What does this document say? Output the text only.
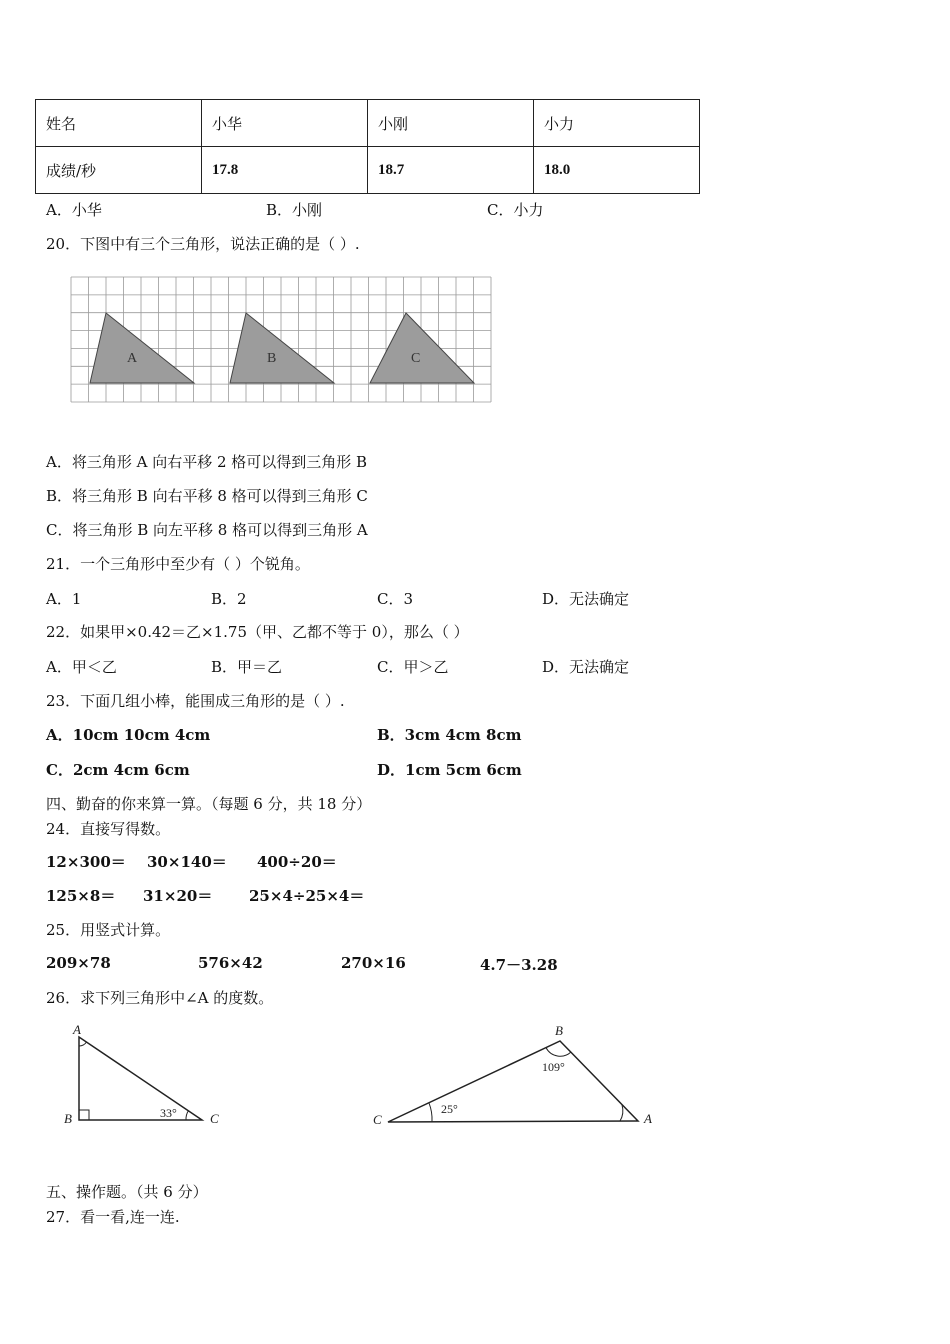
姓名	小华	小刚	小力
成绩/秒	17.8	18.7	18.0
A．小华	B．小刚	C．小力
20．下图中有三个三角形，说法正确的是（ ）.
A	B	C
A．将三角形 A 向右平移 2 格可以得到三角形 B
B．将三角形 B 向右平移 8 格可以得到三角形 C
C．将三角形 B 向左平移 8 格可以得到三角形 A
21．一个三角形中至少有（ ）个锐角。
A．1	B．2	C．3	D．无法确定
22．如果甲×0.42＝乙×1.75（甲、乙都不等于 0），那么（ ）
A．甲＜乙	B．甲＝乙	C．甲＞乙	D．无法确定
23．下面几组小棒，能围成三角形的是（ ）.
A．10cm 10cm 4cm	B．3cm 4cm 8cm
C．2cm 4cm 6cm	D．1cm 5cm 6cm
四、勤奋的你来算一算。（每题 6 分，共 18 分）
24．直接写得数。
12×300＝ 30×140＝ 400÷20＝
125×8＝ 31×20＝ 25×4÷25×4＝
25．用竖式计算。
209×78	576×42	270×16	4.7－3.28
26．求下列三角形中∠A 的度数。
A
B	C
33°
B
C	A
109°
25°
五、操作题。（共 6 分）
27．看一看,连一连.
